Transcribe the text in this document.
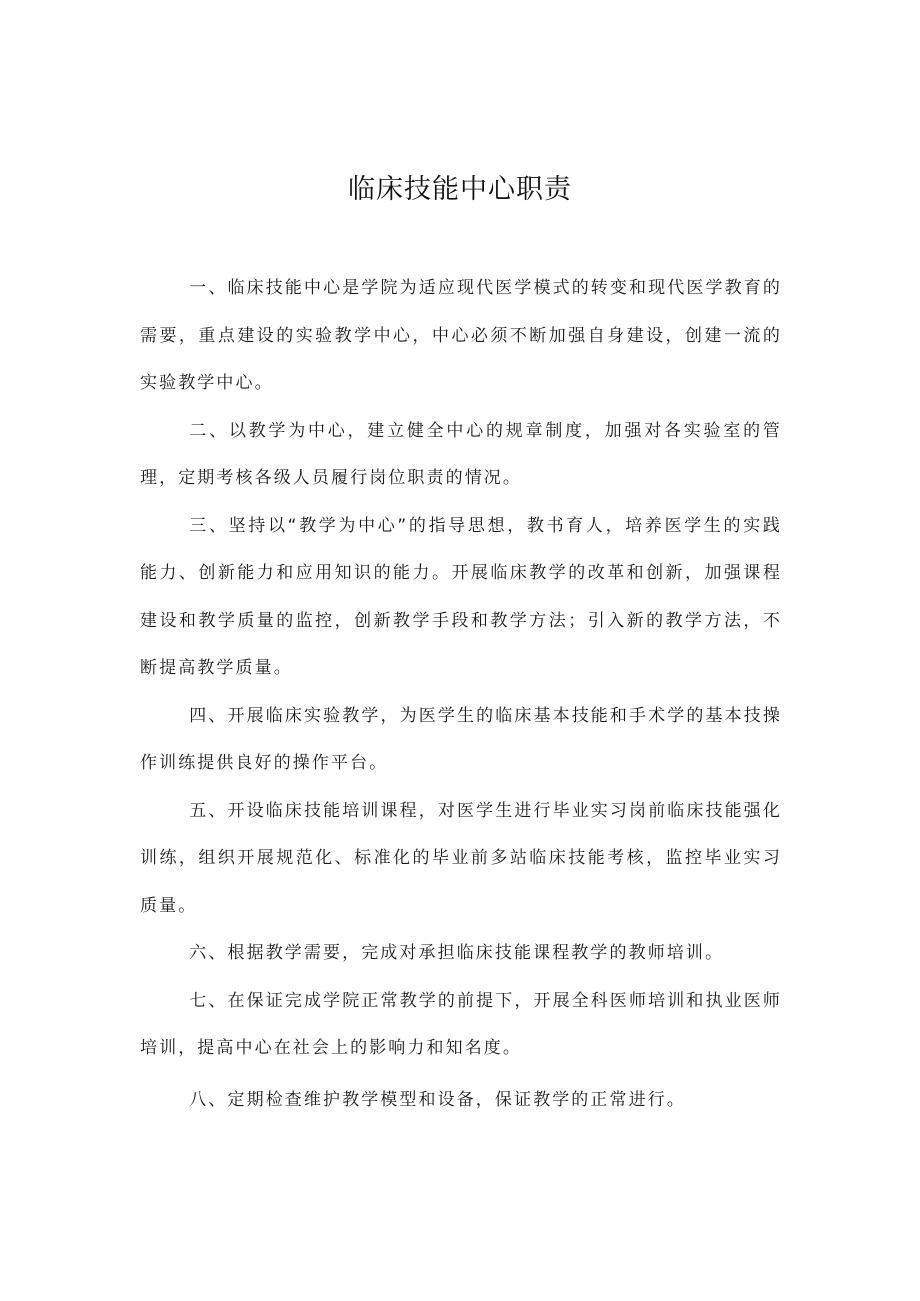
临床技能中心职责

一、临床技能中心是学院为适应现代医学模式的转变和现代医学教育的需要，重点建设的实验教学中心，中心必须不断加强自身建设，创建一流的实验教学中心。

二、以教学为中心，建立健全中心的规章制度，加强对各实验室的管理，定期考核各级人员履行岗位职责的情况。

三、坚持以“教学为中心”的指导思想，教书育人，培养医学生的实践能力、创新能力和应用知识的能力。开展临床教学的改革和创新，加强课程建设和教学质量的监控，创新教学手段和教学方法；引入新的教学方法，不断提高教学质量。

四、开展临床实验教学，为医学生的临床基本技能和手术学的基本技操作训练提供良好的操作平台。

五、开设临床技能培训课程，对医学生进行毕业实习岗前临床技能强化训练，组织开展规范化、标准化的毕业前多站临床技能考核，监控毕业实习质量。

六、根据教学需要，完成对承担临床技能课程教学的教师培训。

七、在保证完成学院正常教学的前提下，开展全科医师培训和执业医师培训，提高中心在社会上的影响力和知名度。

八、定期检查维护教学模型和设备，保证教学的正常进行。
